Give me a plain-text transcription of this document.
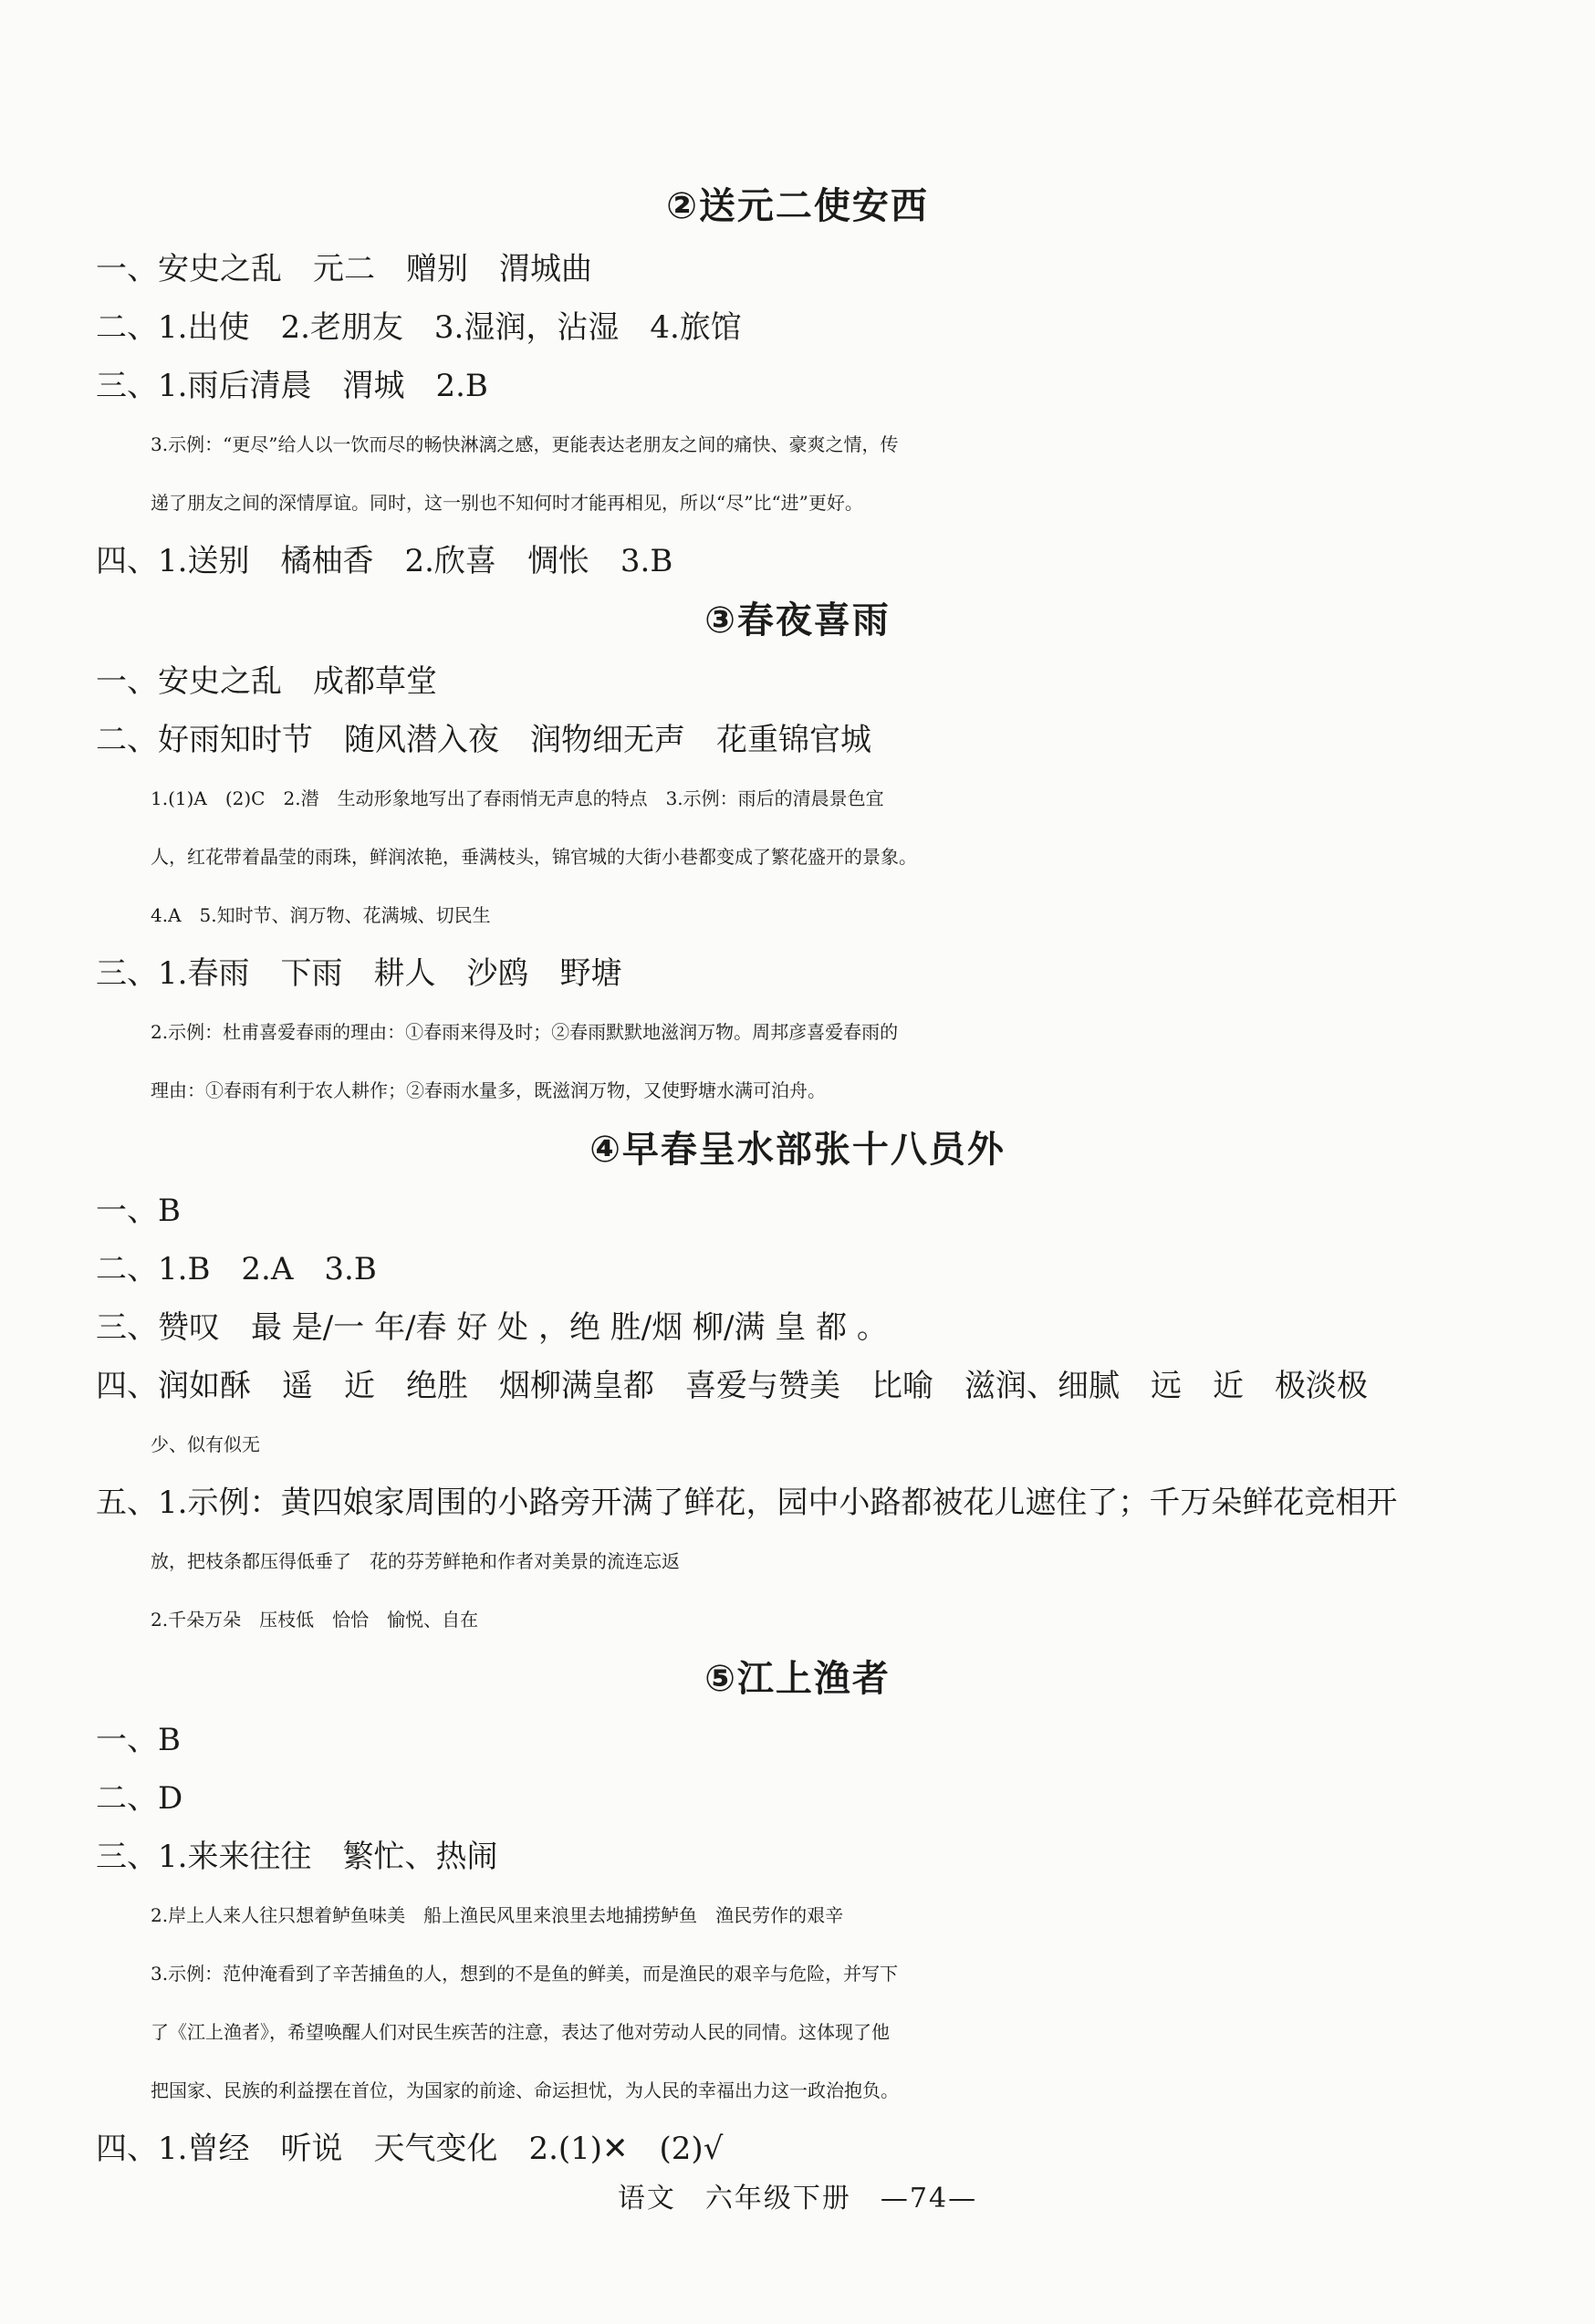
②送元二使安西
一、安史之乱　元二　赠别　渭城曲
二、1.出使　2.老朋友　3.湿润，沾湿　4.旅馆
三、1.雨后清晨　渭城　2.B
3.示例：“更尽”给人以一饮而尽的畅快淋漓之感，更能表达老朋友之间的痛快、豪爽之情，传
递了朋友之间的深情厚谊。同时，这一别也不知何时才能再相见，所以“尽”比“进”更好。
四、1.送别　橘柚香　2.欣喜　惆怅　3.B
③春夜喜雨
一、安史之乱　成都草堂
二、好雨知时节　随风潜入夜　润物细无声　花重锦官城
1.(1)A　(2)C　2.潜　生动形象地写出了春雨悄无声息的特点　3.示例：雨后的清晨景色宜
人，红花带着晶莹的雨珠，鲜润浓艳，垂满枝头，锦官城的大街小巷都变成了繁花盛开的景象。
4.A　5.知时节、润万物、花满城、切民生
三、1.春雨　下雨　耕人　沙鸥　野塘
2.示例：杜甫喜爱春雨的理由：①春雨来得及时；②春雨默默地滋润万物。周邦彦喜爱春雨的
理由：①春雨有利于农人耕作；②春雨水量多，既滋润万物，又使野塘水满可泊舟。
④早春呈水部张十八员外
一、B
二、1.B　2.A　3.B
三、赞叹　最 是/一 年/春 好 处 ，绝 胜/烟 柳/满 皇 都 。
四、润如酥　遥　近　绝胜　烟柳满皇都　喜爱与赞美　比喻　滋润、细腻　远　近　极淡极
少、似有似无
五、1.示例：黄四娘家周围的小路旁开满了鲜花，园中小路都被花儿遮住了；千万朵鲜花竞相开
放，把枝条都压得低垂了　花的芬芳鲜艳和作者对美景的流连忘返
2.千朵万朵　压枝低　恰恰　愉悦、自在
⑤江上渔者
一、B
二、D
三、1.来来往往　繁忙、热闹
2.岸上人来人往只想着鲈鱼味美　船上渔民风里来浪里去地捕捞鲈鱼　渔民劳作的艰辛
3.示例：范仲淹看到了辛苦捕鱼的人，想到的不是鱼的鲜美，而是渔民的艰辛与危险，并写下
了《江上渔者》，希望唤醒人们对民生疾苦的注意，表达了他对劳动人民的同情。这体现了他
把国家、民族的利益摆在首位，为国家的前途、命运担忧，为人民的幸福出力这一政治抱负。
四、1.曾经　听说　天气变化　2.(1)✕　(2)√
语文　六年级下册　—74—
